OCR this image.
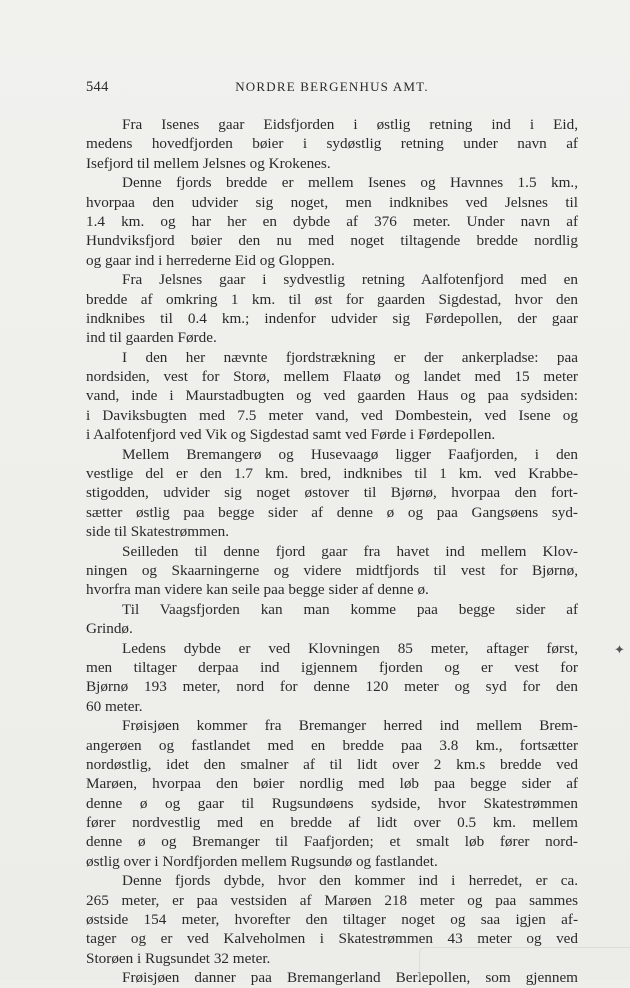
544	NORDRE BERGENHUS AMT.
Fra Isenes gaar Eidsfjorden i østlig retning ind i Eid,
medens hovedfjorden bøier i sydøstlig retning under navn af
Isefjord til mellem Jelsnes og Krokenes.
Denne fjords bredde er mellem Isenes og Havnnes 1.5 km.,
hvorpaa den udvider sig noget, men indknibes ved Jelsnes til
1.4 km. og har her en dybde af 376 meter. Under navn af
Hundviksfjord bøier den nu med noget tiltagende bredde nordlig
og gaar ind i herrederne Eid og Gloppen.
Fra Jelsnes gaar i sydvestlig retning Aalfotenfjord med en
bredde af omkring 1 km. til øst for gaarden Sigdestad, hvor den
indknibes til 0.4 km.; indenfor udvider sig Førdepollen, der gaar
ind til gaarden Førde.
I den her nævnte fjordstrækning er der ankerpladse: paa
nordsiden, vest for Storø, mellem Flaatø og landet med 15 meter
vand, inde i Maurstadbugten og ved gaarden Haus og paa sydsiden:
i Daviksbugten med 7.5 meter vand, ved Dombestein, ved Isene og
i Aalfotenfjord ved Vik og Sigdestad samt ved Førde i Førdepollen.
Mellem Bremangerø og Husevaagø ligger Faafjorden, i den
vestlige del er den 1.7 km. bred, indknibes til 1 km. ved Krabbe-
stigodden, udvider sig noget østover til Bjørnø, hvorpaa den fort-
sætter østlig paa begge sider af denne ø og paa Gangsøens syd-
side til Skatestrømmen.
Seilleden til denne fjord gaar fra havet ind mellem Klov-
ningen og Skaarningerne og videre midtfjords til vest for Bjørnø,
hvorfra man videre kan seile paa begge sider af denne ø.
Til Vaagsfjorden kan man komme paa begge sider af
Grindø.
Ledens dybde er ved Klovningen 85 meter, aftager først,
men tiltager derpaa ind igjennem fjorden og er vest for
Bjørnø 193 meter, nord for denne 120 meter og syd for den
60 meter.
Frøisjøen kommer fra Bremanger herred ind mellem Brem-
angerøen og fastlandet med en bredde paa 3.8 km., fortsætter
nordøstlig, idet den smalner af til lidt over 2 km.s bredde ved
Marøen, hvorpaa den bøier nordlig med løb paa begge sider af
denne ø og gaar til Rugsundøens sydside, hvor Skatestrømmen
fører nordvestlig med en bredde af lidt over 0.5 km. mellem
denne ø og Bremanger til Faafjorden; et smalt løb fører nord-
østlig over i Nordfjorden mellem Rugsundø og fastlandet.
Denne fjords dybde, hvor den kommer ind i herredet, er ca.
265 meter, er paa vestsiden af Marøen 218 meter og paa sammes
østside 154 meter, hvorefter den tiltager noget og saa igjen af-
tager og er ved Kalveholmen i Skatestrømmen 43 meter og ved
Storøen i Rugsundet 32 meter.
Frøisjøen danner paa Bremangerland Berlepollen, som gjennem
✦
